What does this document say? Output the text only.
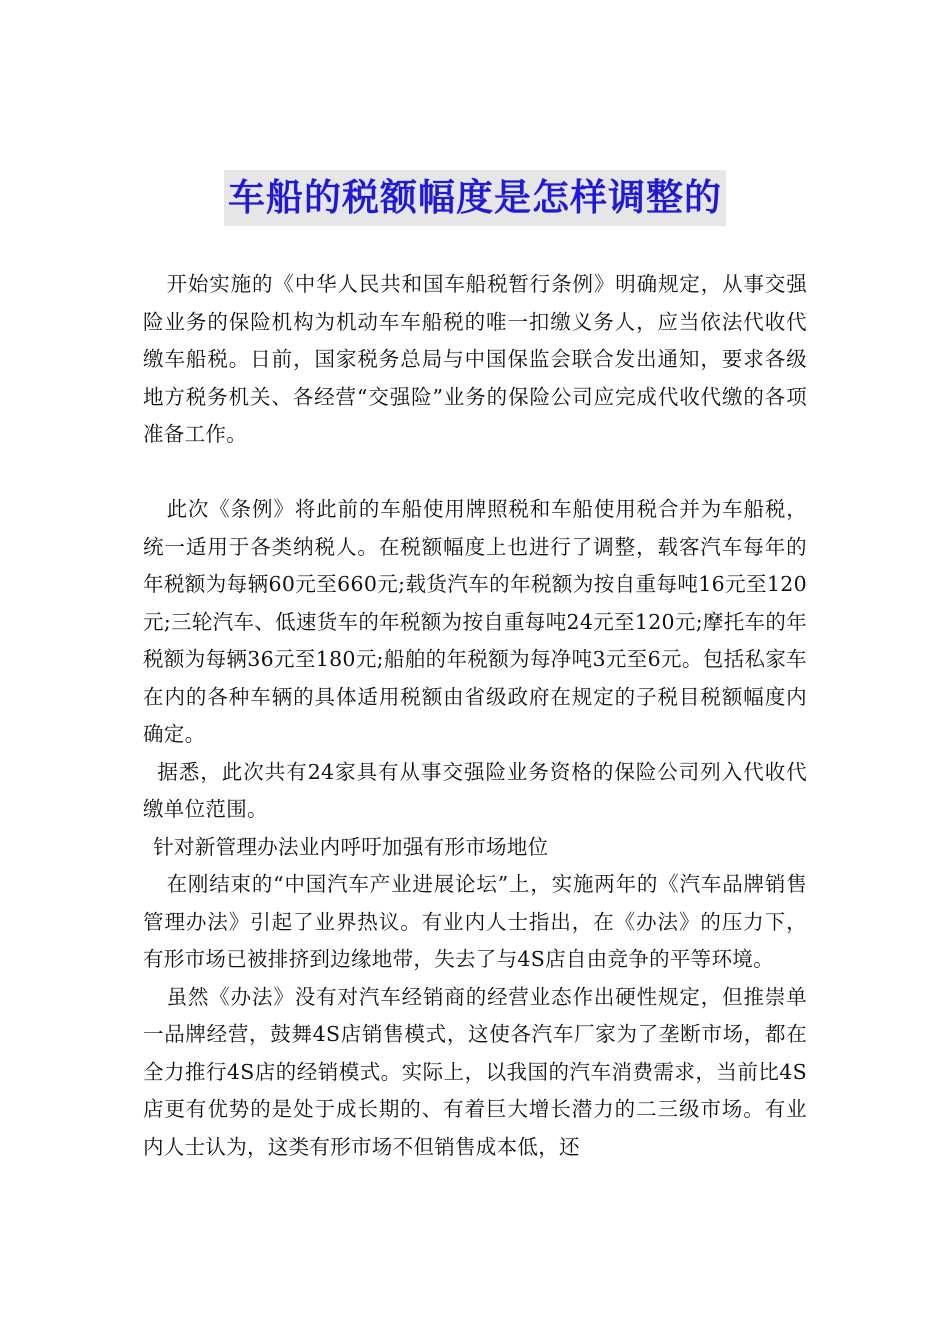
车船的税额幅度是怎样调整的

开始实施的《中华人民共和国车船税暂行条例》明确规定，从事交强险业务的保险机构为机动车车船税的唯一扣缴义务人，应当依法代收代缴车船税。日前，国家税务总局与中国保监会联合发出通知，要求各级地方税务机关、各经营“交强险”业务的保险公司应完成代收代缴的各项准备工作。

此次《条例》将此前的车船使用牌照税和车船使用税合并为车船税，统一适用于各类纳税人。在税额幅度上也进行了调整，载客汽车每年的年税额为每辆60元至660元;载货汽车的年税额为按自重每吨16元至120元;三轮汽车、低速货车的年税额为按自重每吨24元至120元;摩托车的年税额为每辆36元至180元;船舶的年税额为每净吨3元至6元。包括私家车在内的各种车辆的具体适用税额由省级政府在规定的子税目税额幅度内确定。

据悉，此次共有24家具有从事交强险业务资格的保险公司列入代收代缴单位范围。

针对新管理办法业内呼吁加强有形市场地位

在刚结束的“中国汽车产业进展论坛”上，实施两年的《汽车品牌销售管理办法》引起了业界热议。有业内人士指出，在《办法》的压力下，有形市场已被排挤到边缘地带，失去了与4S店自由竞争的平等环境。

虽然《办法》没有对汽车经销商的经营业态作出硬性规定，但推崇单一品牌经营，鼓舞4S店销售模式，这使各汽车厂家为了垄断市场，都在全力推行4S店的经销模式。实际上，以我国的汽车消费需求，当前比4S店更有优势的是处于成长期的、有着巨大增长潜力的二三级市场。有业内人士认为，这类有形市场不但销售成本低，还
